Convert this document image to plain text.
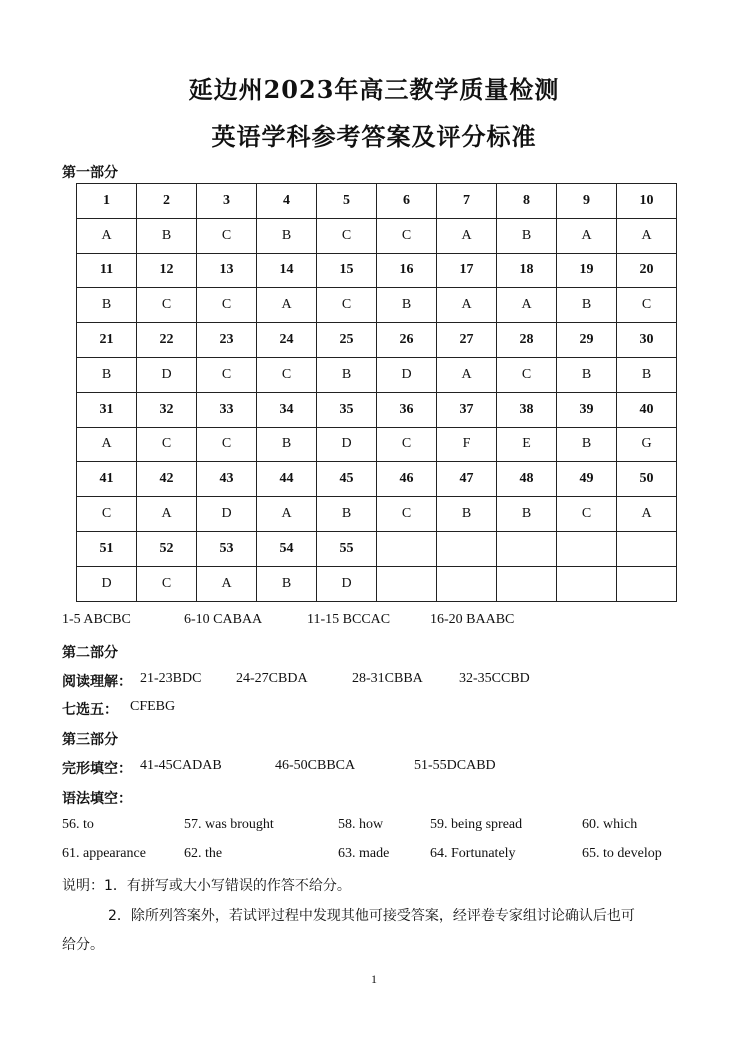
延边州2023年高三教学质量检测
英语学科参考答案及评分标准
第一部分
1	2	3	4	5	6	7	8	9	10
A	B	C	B	C	C	A	B	A	A
11	12	13	14	15	16	17	18	19	20
B	C	C	A	C	B	A	A	B	C
21	22	23	24	25	26	27	28	29	30
B	D	C	C	B	D	A	C	B	B
31	32	33	34	35	36	37	38	39	40
A	C	C	B	D	C	F	E	B	G
41	42	43	44	45	46	47	48	49	50
C	A	D	A	B	C	B	B	C	A
51	52	53	54	55					
D	C	A	B	D					
1-5 ABCBC	6-10 CABAA	11-15 BCCAC	16-20 BAABC
第二部分
阅读理解： 21-23BDC 24-27CBDA	28-31CBBA	32-35CCBD
七选五： CFEBG
第三部分
完形填空： 41-45CADAB	46-50CBBCA	51-55DCABD
语法填空：
56. to	57. was brought	58. how	59. being spread	60. which
61. appearance	62. the	63. made	64. Fortunately	65. to develop
说明：1．有拼写或大小写错误的作答不给分。
2．除所列答案外，若试评过程中发现其他可接受答案，经评卷专家组讨论确认后也可
给分。
1
